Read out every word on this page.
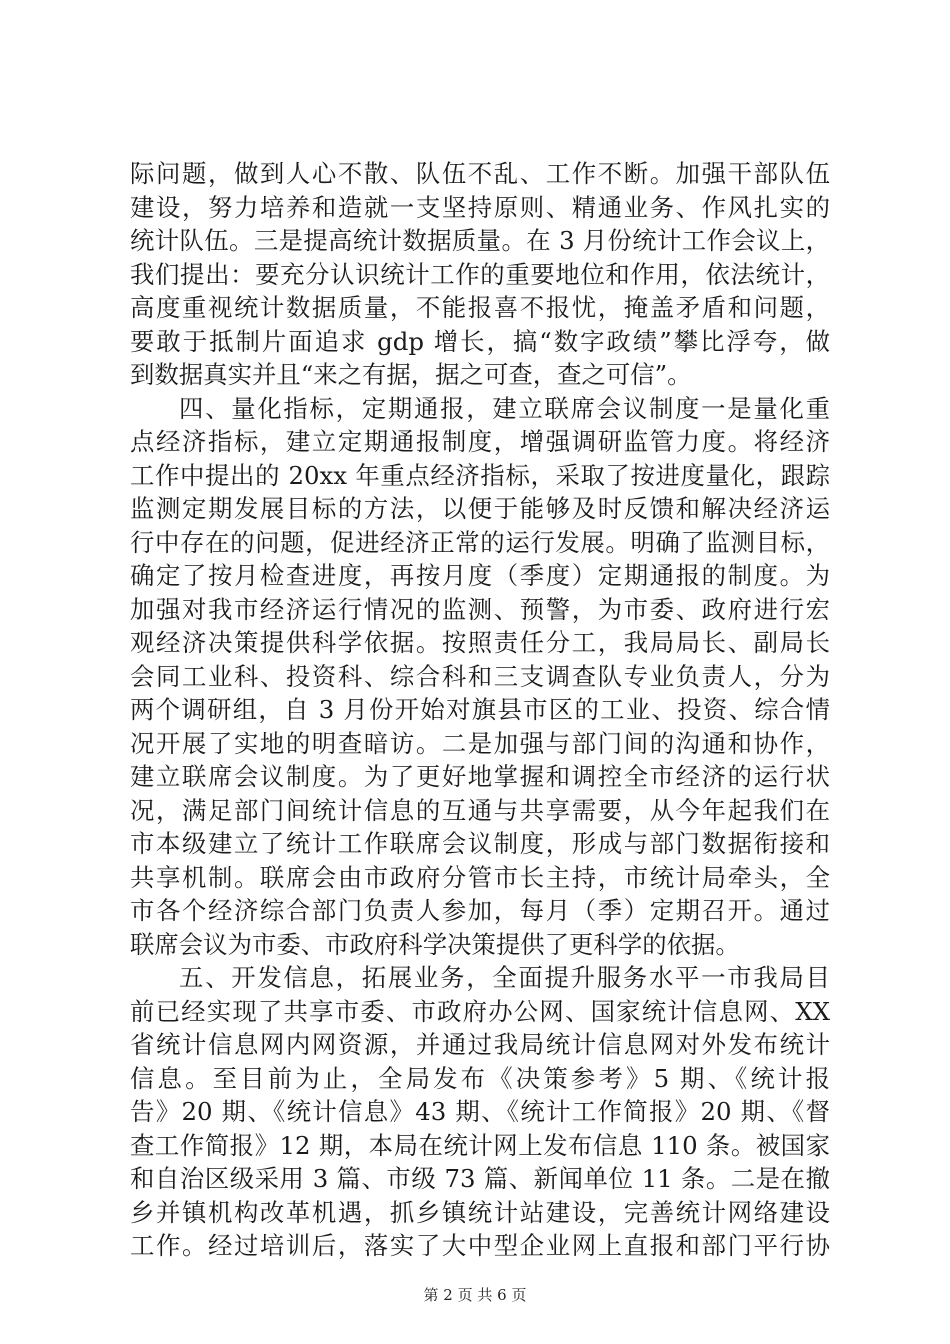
际问题，做到人心不散、队伍不乱、工作不断。加强干部队伍
建设，努力培养和造就一支坚持原则、精通业务、作风扎实的
统计队伍。三是提高统计数据质量。在 3 月份统计工作会议上，
我们提出：要充分认识统计工作的重要地位和作用，依法统计，
高度重视统计数据质量，不能报喜不报忧，掩盖矛盾和问题，
要敢于抵制片面追求 gdp 增长，搞“数字政绩”攀比浮夸，做
到数据真实并且“来之有据，据之可查，查之可信”。
四、量化指标，定期通报，建立联席会议制度一是量化重
点经济指标，建立定期通报制度，增强调研监管力度。将经济
工作中提出的 20xx 年重点经济指标，采取了按进度量化，跟踪
监测定期发展目标的方法，以便于能够及时反馈和解决经济运
行中存在的问题，促进经济正常的运行发展。明确了监测目标，
确定了按月检查进度，再按月度（季度）定期通报的制度。为
加强对我市经济运行情况的监测、预警，为市委、政府进行宏
观经济决策提供科学依据。按照责任分工，我局局长、副局长
会同工业科、投资科、综合科和三支调查队专业负责人，分为
两个调研组，自 3 月份开始对旗县市区的工业、投资、综合情
况开展了实地的明查暗访。二是加强与部门间的沟通和协作，
建立联席会议制度。为了更好地掌握和调控全市经济的运行状
况，满足部门间统计信息的互通与共享需要，从今年起我们在
市本级建立了统计工作联席会议制度，形成与部门数据衔接和
共享机制。联席会由市政府分管市长主持，市统计局牵头，全
市各个经济综合部门负责人参加，每月（季）定期召开。通过
联席会议为市委、市政府科学决策提供了更科学的依据。
五、开发信息，拓展业务，全面提升服务水平一市我局目
前已经实现了共享市委、市政府办公网、国家统计信息网、XX
省统计信息网内网资源，并通过我局统计信息网对外发布统计
信息。至目前为止，全局发布《决策参考》5 期、《统计报
告》20 期、《统计信息》43 期、《统计工作简报》20 期、《督
查工作简报》12 期，本局在统计网上发布信息 110 条。被国家
和自治区级采用 3 篇、市级 73 篇、新闻单位 11 条。二是在撤
乡并镇机构改革机遇，抓乡镇统计站建设，完善统计网络建设
工作。经过培训后，落实了大中型企业网上直报和部门平行协
第 2 页 共 6 页
